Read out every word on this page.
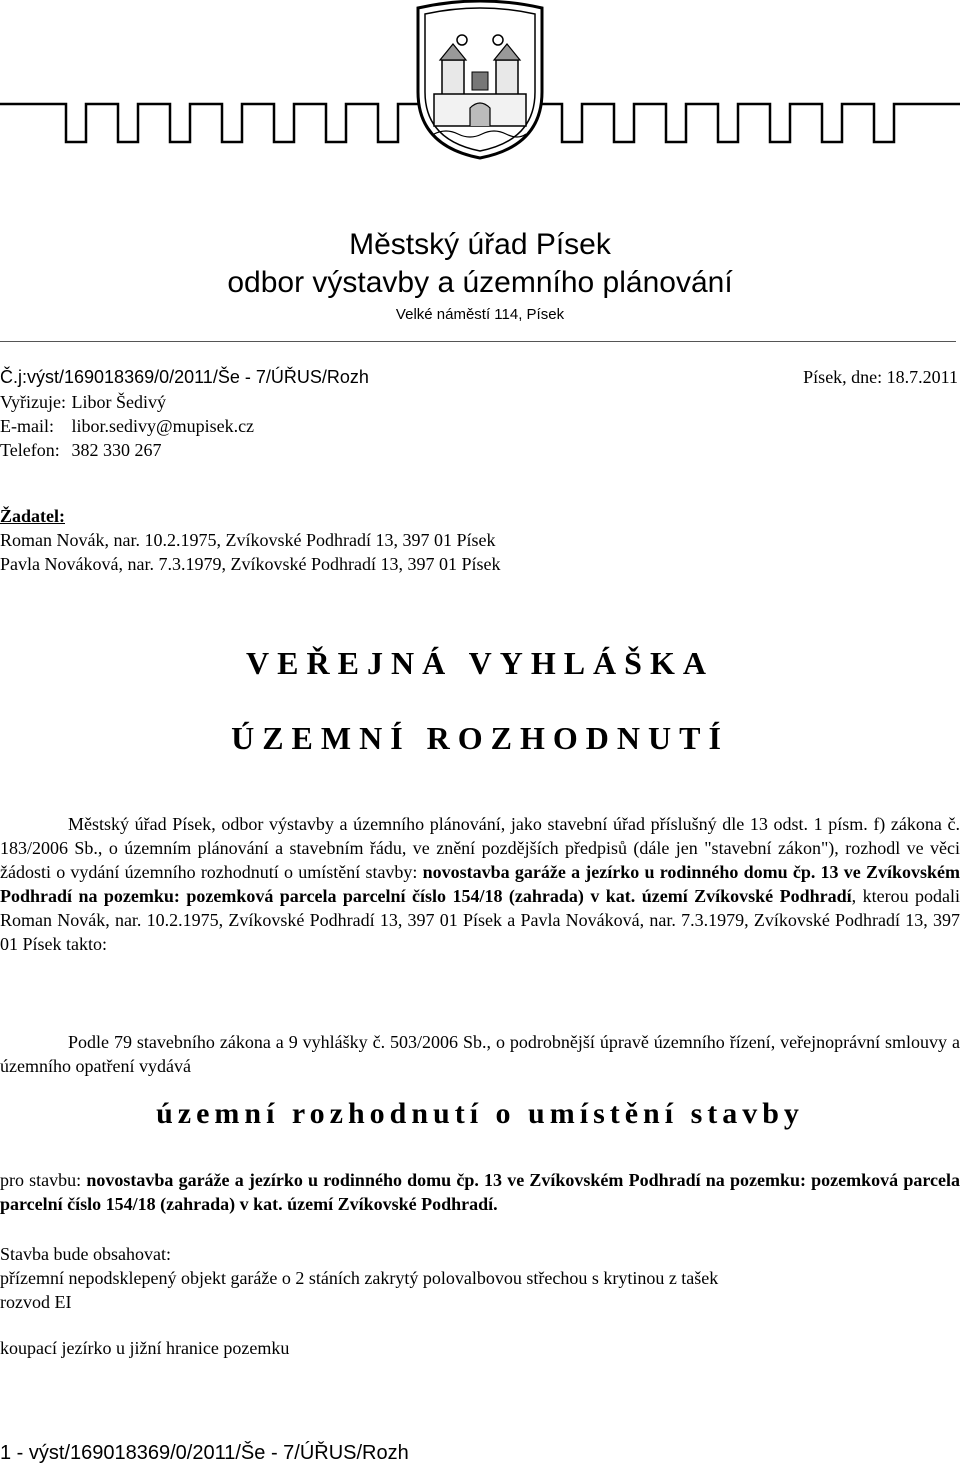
Městský úřad Písek
odbor výstavby a územního plánování
Velké náměstí 114, Písek
Č.j:výst/169018369/0/2011/Še - 7/ÚŘUS/Rozh	Písek, dne: 18.7.2011
Vyřizuje: Libor Šedivý
E-mail: libor.sedivy@mupisek.cz
Telefon: 382 330 267
Žadatel:
Roman Novák, nar. 10.2.1975, Zvíkovské Podhradí 13, 397 01 Písek
Pavla Nováková, nar. 7.3.1979, Zvíkovské Podhradí 13, 397 01 Písek
VEŘEJNÁ VYHLÁŠKA
ÚZEMNÍ ROZHODNUTÍ

Městský úřad Písek, odbor výstavby a územního plánování, jako stavební úřad příslušný dle 13 odst. 1 písm. f) zákona č. 183/2006 Sb., o územním plánování a stavebním řádu, ve znění pozdějších předpisů (dále jen "stavební zákon"), rozhodl ve věci žádosti o vydání územního rozhodnutí o umístění stavby: novostavba garáže a jezírko u rodinného domu čp. 13 ve Zvíkovském Podhradí na pozemku: pozemková parcela parcelní číslo 154/18 (zahrada) v kat. území Zvíkovské Podhradí, kterou podali Roman Novák, nar. 10.2.1975, Zvíkovské Podhradí 13, 397 01 Písek a Pavla Nováková, nar. 7.3.1979, Zvíkovské Podhradí 13, 397 01 Písek takto:

Podle 79 stavebního zákona a 9 vyhlášky č. 503/2006 Sb., o podrobnější úpravě územního řízení, veřejnoprávní smlouvy a územního opatření vydává

územní rozhodnutí o umístění stavby

pro stavbu: novostavba garáže a jezírko u rodinného domu čp. 13 ve Zvíkovském Podhradí na pozemku: pozemková parcela parcelní číslo 154/18 (zahrada) v kat. území Zvíkovské Podhradí.

Stavba bude obsahovat:
přízemní nepodsklepený objekt garáže o 2 stáních zakrytý polovalbovou střechou s krytinou z tašek
rozvod EI
koupací jezírko u jižní hranice pozemku
1 - výst/169018369/0/2011/Še - 7/ÚŘUS/Rozh
